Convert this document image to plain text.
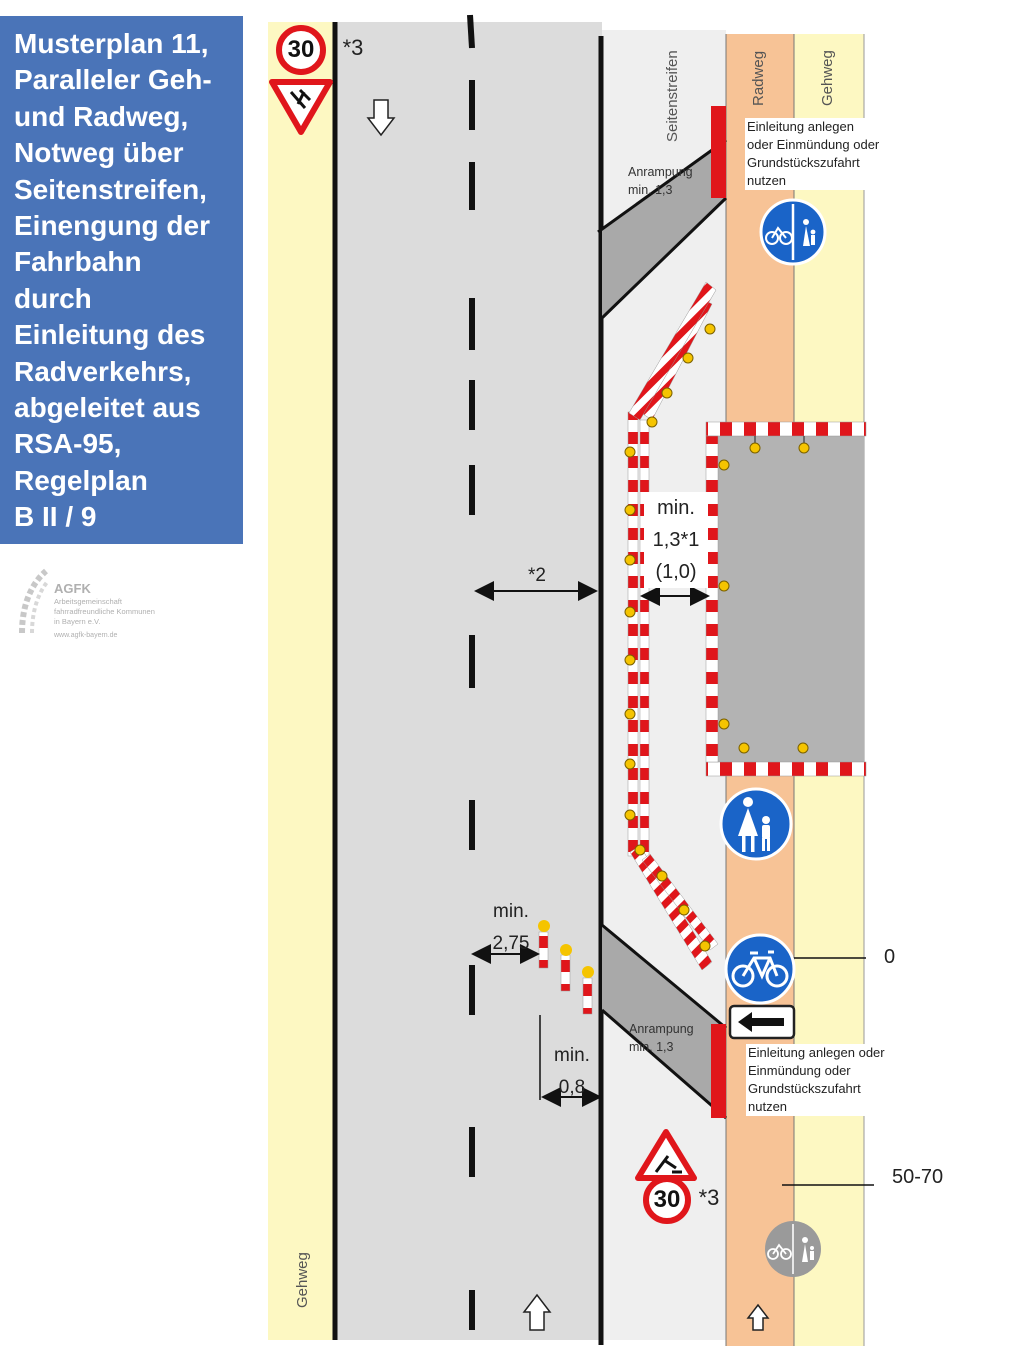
Musterplan 11,
Paralleler Geh-
und Radweg,
Notweg über
Seitenstreifen,
Einengung der
Fahrbahn
durch
Einleitung des
Radverkehrs,
abgeleitet aus
RSA-95,
Regelplan
B II / 9
AGFK
Arbeitsgemeinschaft
fahrradfreundliche Kommunen
in Bayern e.V.
www.agfk-bayern.de
30
30
Seitenstreifen	Radweg	Gehweg
Gehweg
Einleitung anlegen
oder Einmündung oder
Grundstückszufahrt
nutzen
Einleitung anlegen oder
Einmündung oder
Grundstückszufahrt
nutzen
Anrampung
min. 1,3
Anrampung
min. 1,3
*2
min.
1,3*1
(1,0)
min.
2,75
min.
0,8
*3
*3
0
50-70
